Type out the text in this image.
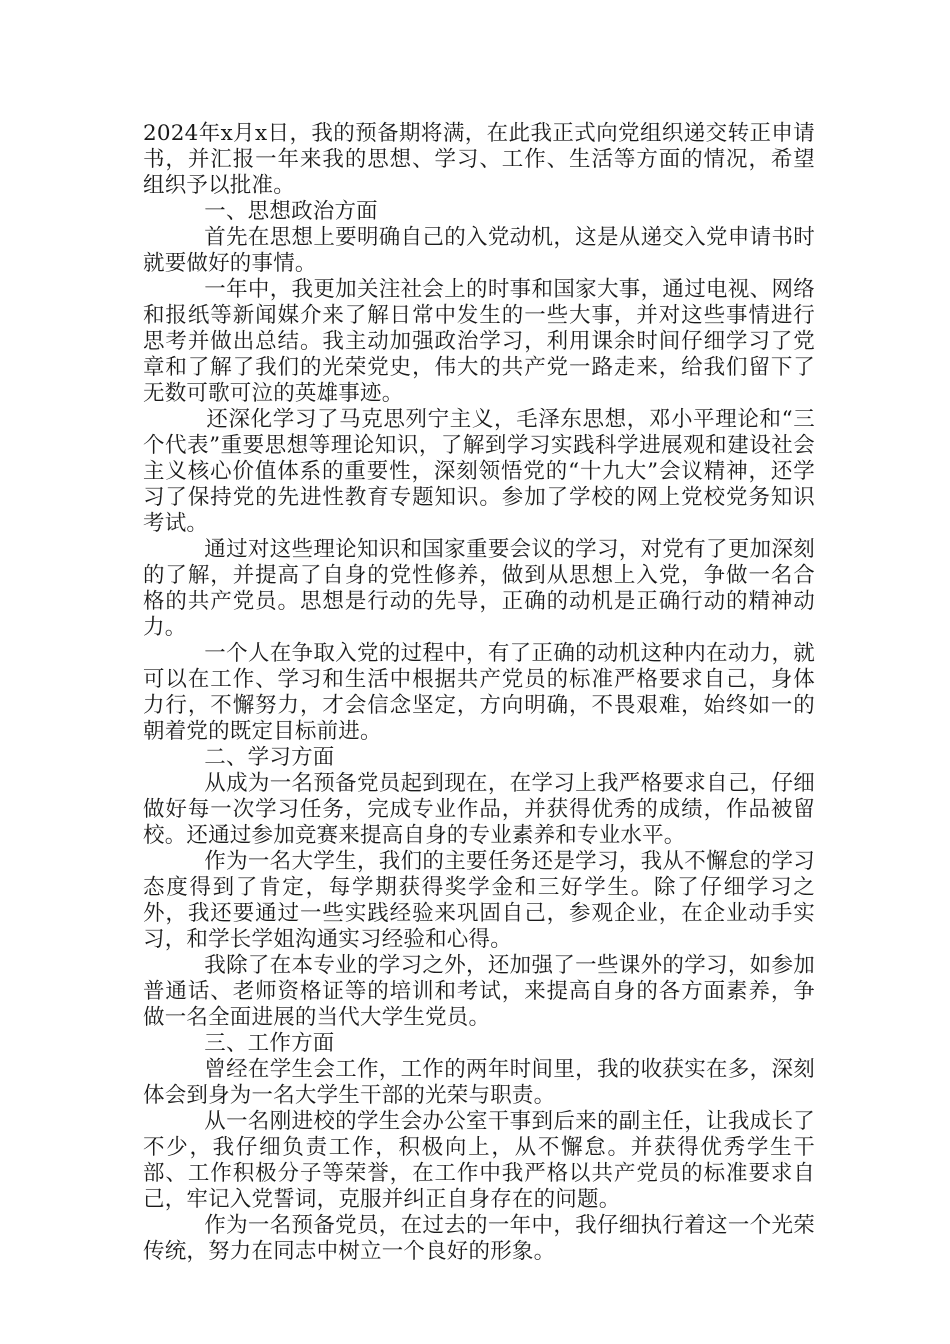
2024年x月x日，我的预备期将满，在此我正式向党组织递交转正申请书，并汇报一年来我的思想、学习、工作、生活等方面的情况，希望组织予以批准。

一、思想政治方面

首先在思想上要明确自己的入党动机，这是从递交入党申请书时就要做好的事情。

一年中，我更加关注社会上的时事和国家大事，通过电视、网络和报纸等新闻媒介来了解日常中发生的一些大事，并对这些事情进行思考并做出总结。我主动加强政治学习，利用课余时间仔细学习了党章和了解了我们的光荣党史，伟大的共产党一路走来，给我们留下了无数可歌可泣的英雄事迹。

还深化学习了马克思列宁主义，毛泽东思想，邓小平理论和“三个代表”重要思想等理论知识，了解到学习实践科学进展观和建设社会主义核心价值体系的重要性，深刻领悟党的“十九大”会议精神，还学习了保持党的先进性教育专题知识。参加了学校的网上党校党务知识考试。

通过对这些理论知识和国家重要会议的学习，对党有了更加深刻的了解，并提高了自身的党性修养，做到从思想上入党，争做一名合格的共产党员。思想是行动的先导，正确的动机是正确行动的精神动力。

一个人在争取入党的过程中，有了正确的动机这种内在动力，就可以在工作、学习和生活中根据共产党员的标准严格要求自己，身体力行，不懈努力，才会信念坚定，方向明确，不畏艰难，始终如一的朝着党的既定目标前进。

二、学习方面

从成为一名预备党员起到现在，在学习上我严格要求自己，仔细做好每一次学习任务，完成专业作品，并获得优秀的成绩，作品被留校。还通过参加竞赛来提高自身的专业素养和专业水平。

作为一名大学生，我们的主要任务还是学习，我从不懈怠的学习态度得到了肯定，每学期获得奖学金和三好学生。除了仔细学习之外，我还要通过一些实践经验来巩固自己，参观企业，在企业动手实习，和学长学姐沟通实习经验和心得。

我除了在本专业的学习之外，还加强了一些课外的学习，如参加普通话、老师资格证等的培训和考试，来提高自身的各方面素养，争做一名全面进展的当代大学生党员。

三、工作方面

曾经在学生会工作，工作的两年时间里，我的收获实在多，深刻体会到身为一名大学生干部的光荣与职责。

从一名刚进校的学生会办公室干事到后来的副主任，让我成长了不少，我仔细负责工作，积极向上，从不懈怠。并获得优秀学生干部、工作积极分子等荣誉，在工作中我严格以共产党员的标准要求自己，牢记入党誓词，克服并纠正自身存在的问题。

作为一名预备党员，在过去的一年中，我仔细执行着这一个光荣传统，努力在同志中树立一个良好的形象。
